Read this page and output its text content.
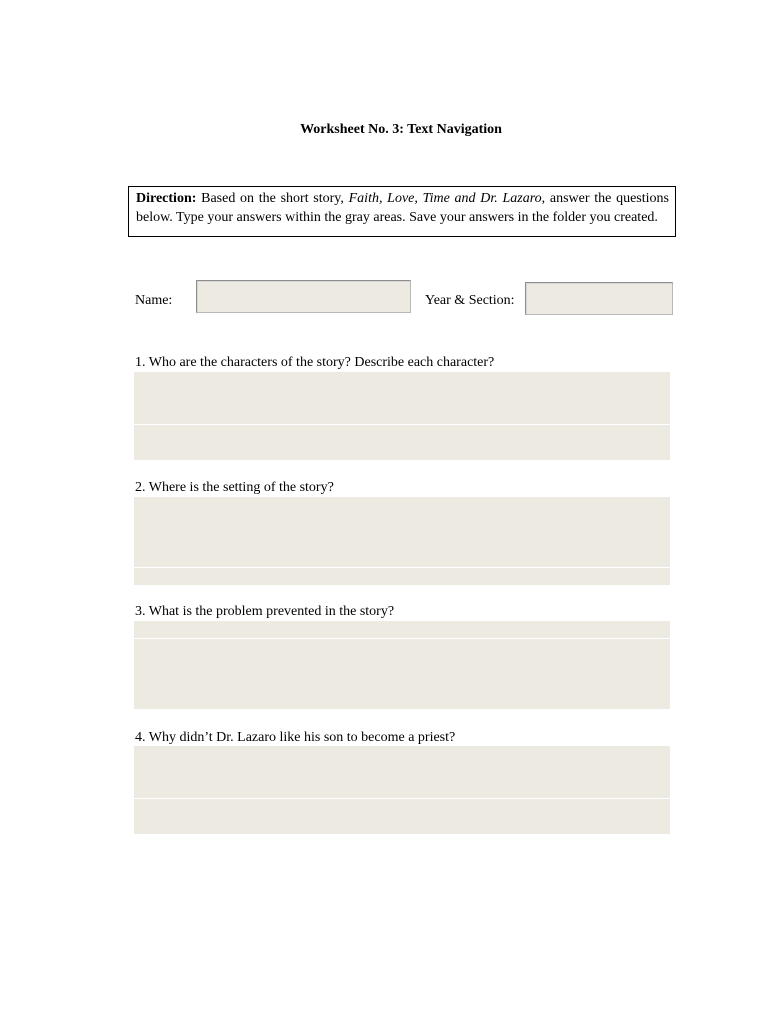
Worksheet No. 3: Text Navigation
Direction: Based on the short story, Faith, Love, Time and Dr. Lazaro, answer the questions below. Type your answers within the gray areas. Save your answers in the folder you created.
Name:	Year & Section:
1. Who are the characters of the story? Describe each character?
2. Where is the setting of the story?
3. What is the problem prevented in the story?
4. Why didn’t Dr. Lazaro like his son to become a priest?
